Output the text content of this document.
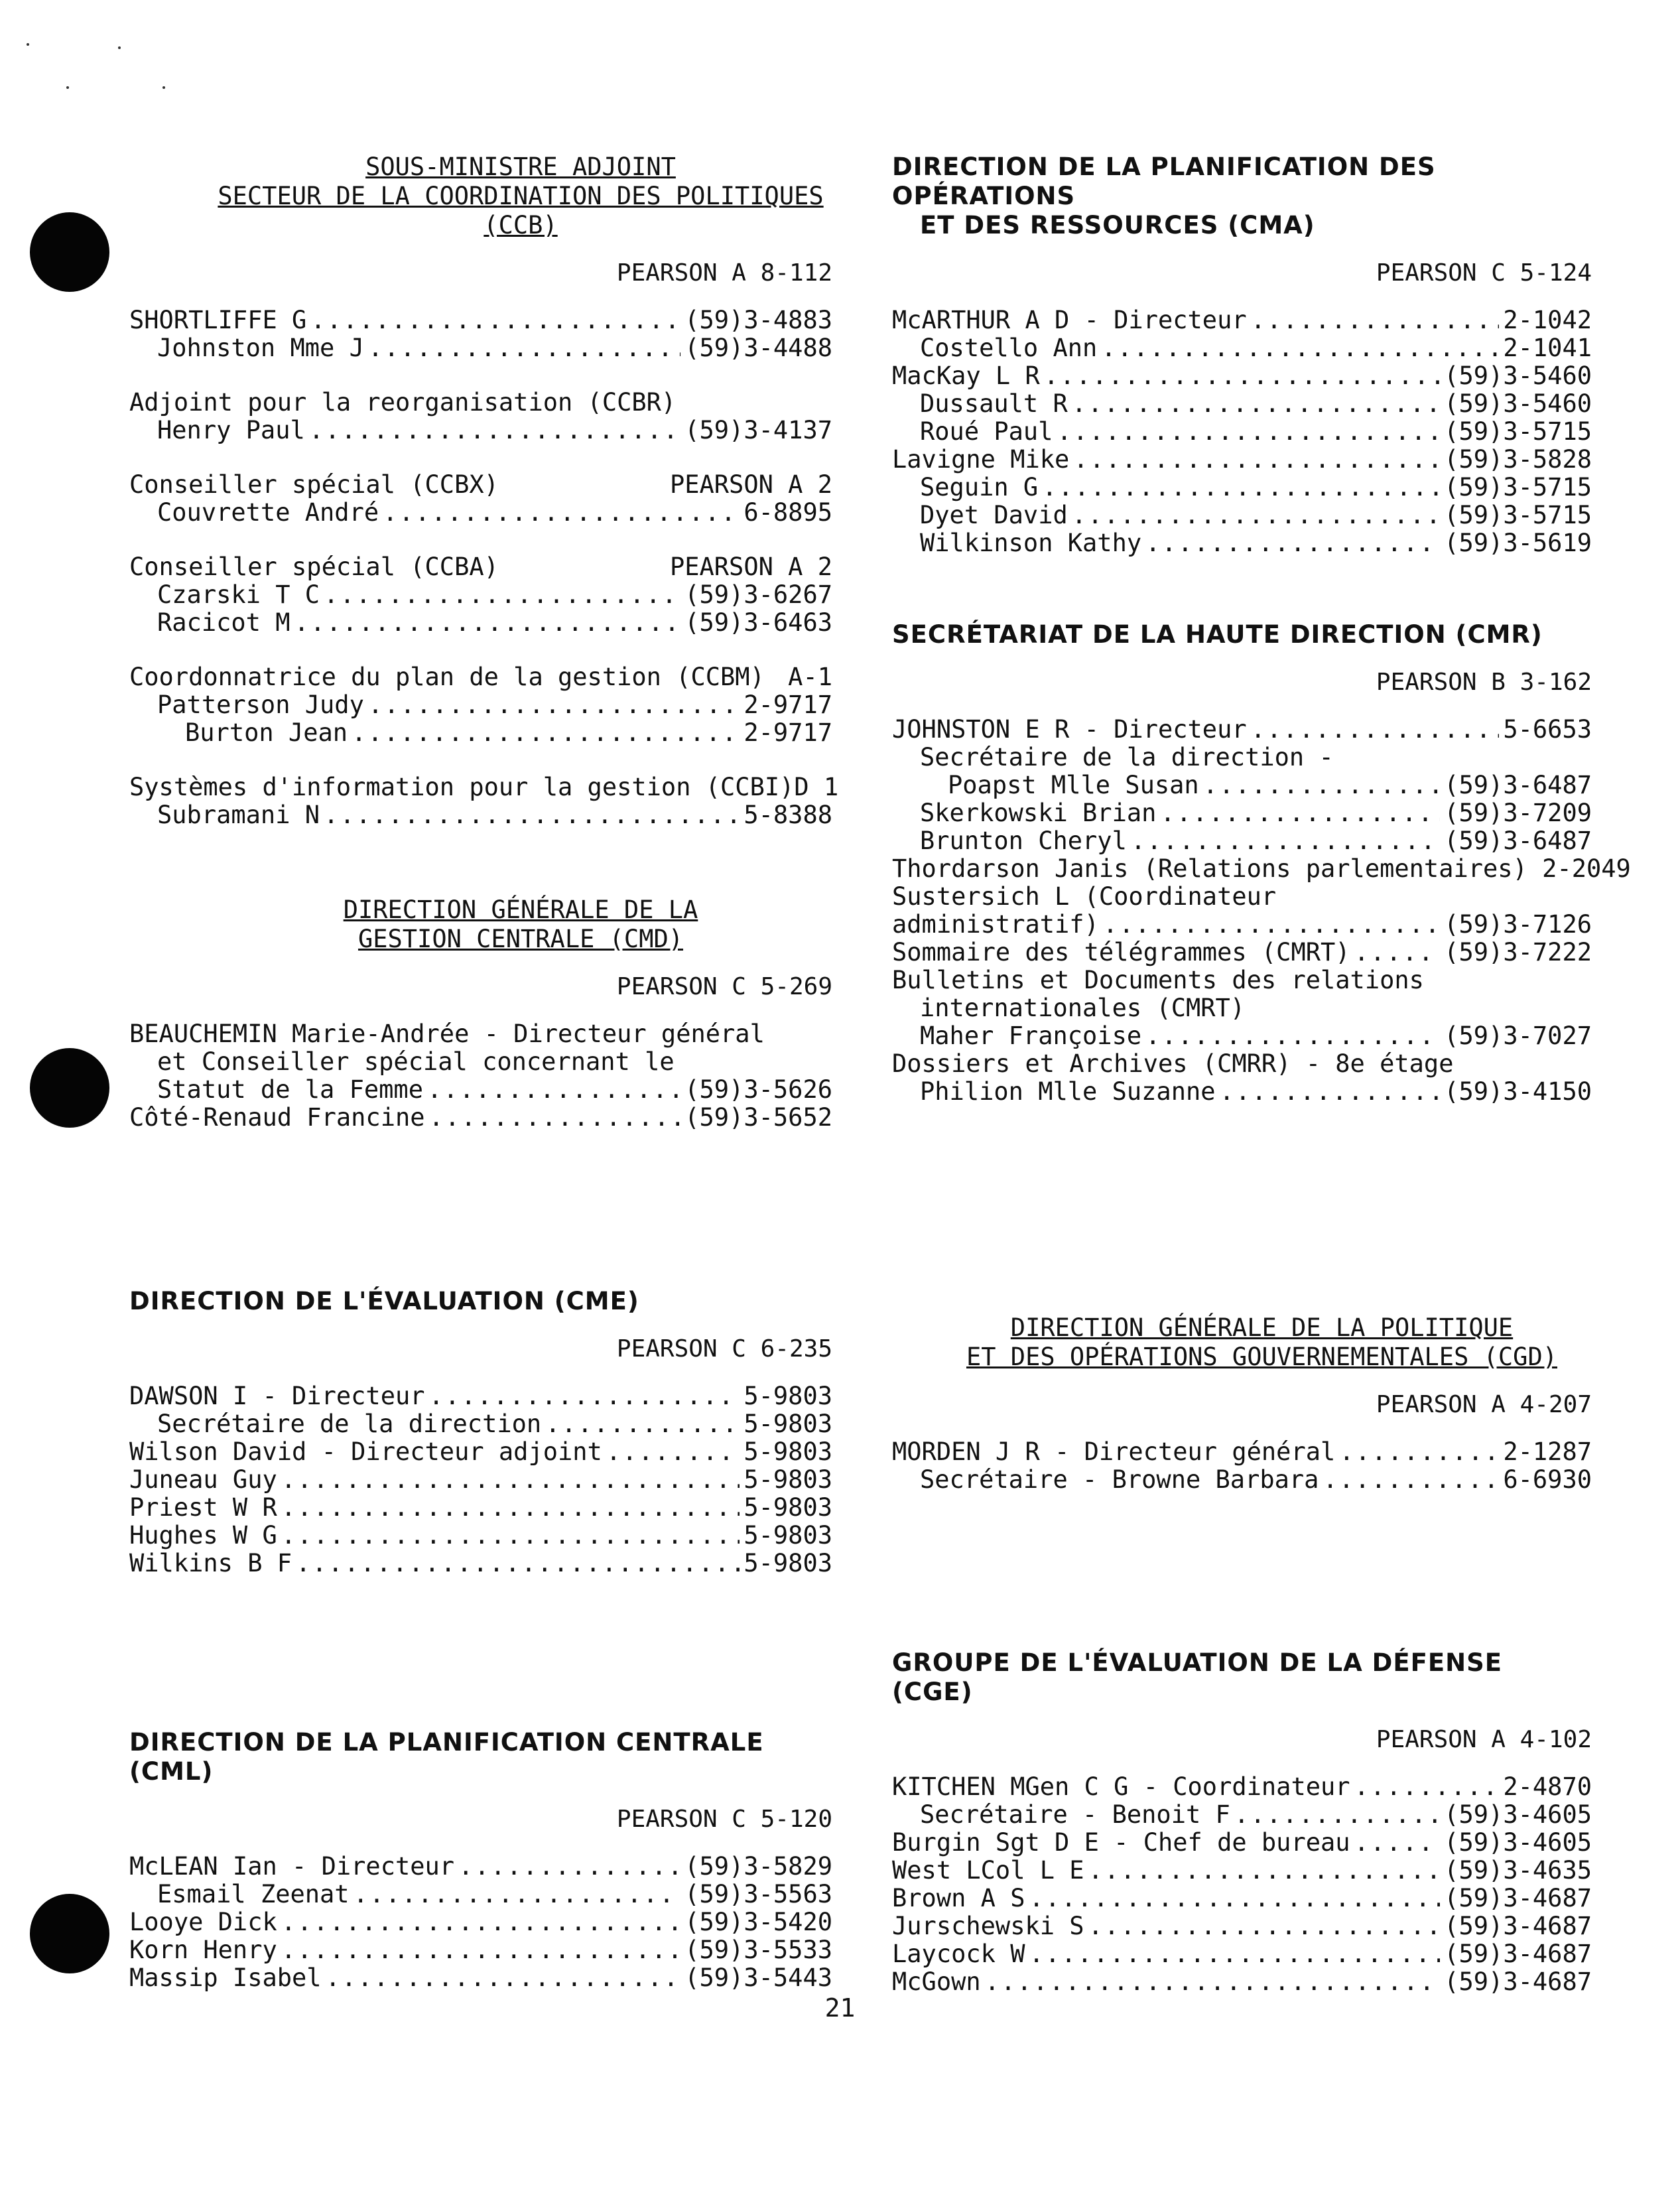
SOUS-MINISTRE ADJOINT
SECTEUR DE LA COORDINATION DES POLITIQUES (CCB)
PEARSON A 8-112
SHORTLIFFE G .....	(59)3-4883
Johnston Mme J .....	(59)3-4488
Adjoint pour la reorganisation (CCBR)
Henry Paul .....	(59)3-4137
Conseiller spécial (CCBX)	PEARSON A 2
Couvrette André .....	6-8895
Conseiller spécial (CCBA)	PEARSON A 2
Czarski T C .....	(59)3-6267
Racicot M .....	(59)3-6463
Coordonnatrice du plan de la gestion (CCBM) A-1
Patterson Judy .....	2-9717
Burton Jean .....	2-9717
Systèmes d'information pour la gestion (CCBI) D 1
Subramani N .....	5-8388
DIRECTION GÉNÉRALE DE LA
GESTION CENTRALE (CMD)
PEARSON C 5-269
BEAUCHEMIN Marie-Andrée - Directeur général
et Conseiller spécial concernant le
Statut de la Femme .....	(59)3-5626
Côté-Renaud Francine .....	(59)3-5652
DIRECTION DE L'ÉVALUATION (CME)
PEARSON C 6-235
DAWSON I - Directeur .....	5-9803
Secrétaire de la direction .....	5-9803
Wilson David - Directeur adjoint .....	5-9803
Juneau Guy .....	5-9803
Priest W R .....	5-9803
Hughes W G .....	5-9803
Wilkins B F .....	5-9803
DIRECTION DE LA PLANIFICATION CENTRALE (CML)
PEARSON C 5-120
McLEAN Ian - Directeur .....	(59)3-5829
Esmail Zeenat .....	(59)3-5563
Looye Dick .....	(59)3-5420
Korn Henry .....	(59)3-5533
Massip Isabel .....	(59)3-5443
DIRECTION DE LA PLANIFICATION DES OPÉRATIONS
ET DES RESSOURCES (CMA)
PEARSON C 5-124
McARTHUR A D - Directeur .....	2-1042
Costello Ann .....	2-1041
MacKay L R .....	(59)3-5460
Dussault R .....	(59)3-5460
Roué Paul .....	(59)3-5715
Lavigne Mike .....	(59)3-5828
Seguin G .....	(59)3-5715
Dyet David .....	(59)3-5715
Wilkinson Kathy .....	(59)3-5619
SECRÉTARIAT DE LA HAUTE DIRECTION (CMR)
PEARSON B 3-162
JOHNSTON E R - Directeur .....	5-6653
Secrétaire de la direction -
Poapst Mlle Susan .....	(59)3-6487
Skerkowski Brian .....	(59)3-7209
Brunton Cheryl .....	(59)3-6487
Thordarson Janis (Relations parlementaires) 2-2049
Sustersich L (Coordinateur
administratif) .....	(59)3-7126
Sommaire des télégrammes (CMRT) .....	(59)3-7222
Bulletins et Documents des relations
internationales (CMRT)
Maher Françoise .....	(59)3-7027
Dossiers et Archives (CMRR) - 8e étage
Philion Mlle Suzanne .....	(59)3-4150
DIRECTION GÉNÉRALE DE LA POLITIQUE
ET DES OPÉRATIONS GOUVERNEMENTALES (CGD)
PEARSON A 4-207
MORDEN J R - Directeur général .....	2-1287
Secrétaire - Browne Barbara .....	6-6930
GROUPE DE L'ÉVALUATION DE LA DÉFENSE (CGE)
PEARSON A 4-102
KITCHEN MGen C G - Coordinateur .....	2-4870
Secrétaire - Benoit F .....	(59)3-4605
Burgin Sgt D E - Chef de bureau .....	(59)3-4605
West LCol L E .....	(59)3-4635
Brown A S .....	(59)3-4687
Jurschewski S .....	(59)3-4687
Laycock W .....	(59)3-4687
McGown .....	(59)3-4687
21
